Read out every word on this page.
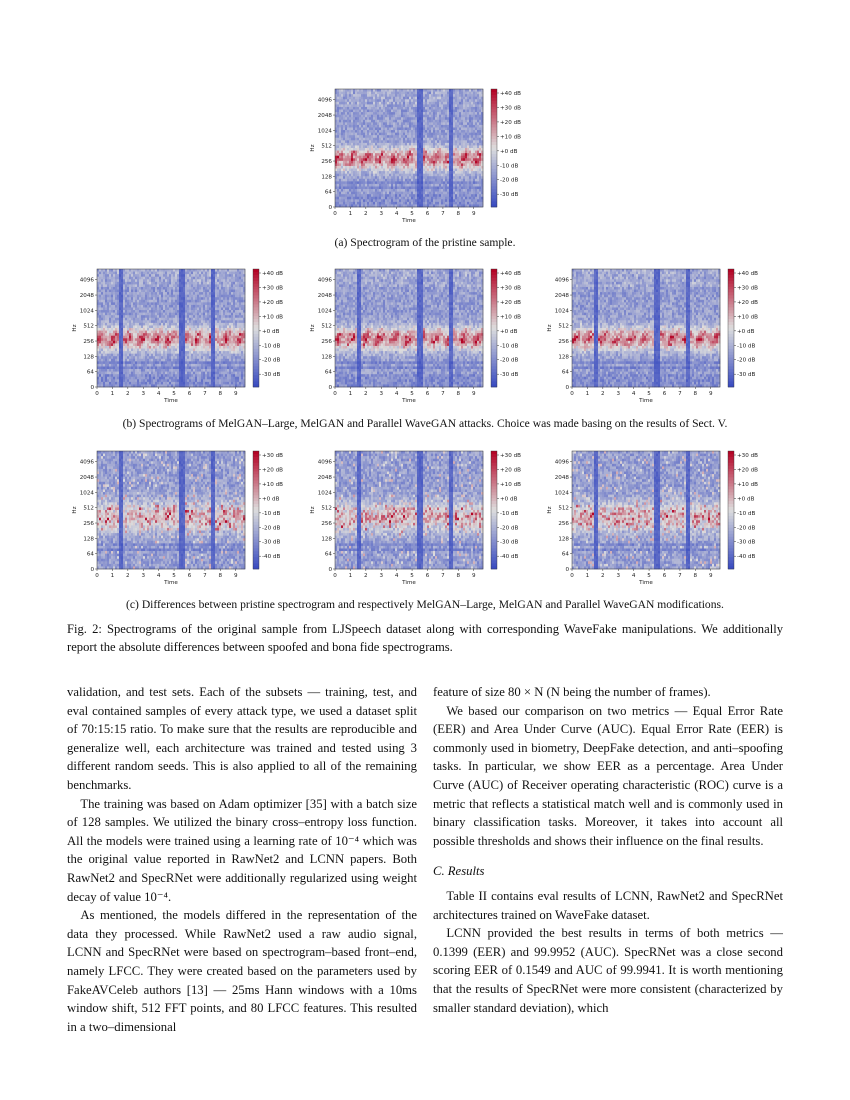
0
64
128
256
512
1024
2048
4096
0 1 2 3 4 5 6 7 8 9
Time
Hz
+40 dB
+30 dB
+20 dB
+10 dB
+0 dB
-10 dB
-20 dB
-30 dB
(a) Spectrogram of the pristine sample.
0
64
128
256
512
1024
2048
4096
0 1 2 3 4 5 6 7 8 9
Time
Hz
+40 dB
+30 dB
+20 dB
+10 dB
+0 dB
-10 dB
-20 dB
-30 dB
0
64
128
256
512
1024
2048
4096
0 1 2 3 4 5 6 7 8 9
Time
Hz
+40 dB
+30 dB
+20 dB
+10 dB
+0 dB
-10 dB
-20 dB
-30 dB
0
64
128
256
512
1024
2048
4096
0 1 2 3 4 5 6 7 8 9
Time
Hz
+40 dB
+30 dB
+20 dB
+10 dB
+0 dB
-10 dB
-20 dB
-30 dB
(b) Spectrograms of MelGAN–Large, MelGAN and Parallel WaveGAN attacks. Choice was made basing on the results of Sect. V.
0
64
128
256
512
1024
2048
4096
0 1 2 3 4 5 6 7 8 9
Time
Hz
+30 dB
+20 dB
+10 dB
+0 dB
-10 dB
-20 dB
-30 dB
-40 dB
0
64
128
256
512
1024
2048
4096
0 1 2 3 4 5 6 7 8 9
Time
Hz
+30 dB
+20 dB
+10 dB
+0 dB
-10 dB
-20 dB
-30 dB
-40 dB
0
64
128
256
512
1024
2048
4096
0 1 2 3 4 5 6 7 8 9
Time
Hz
+30 dB
+20 dB
+10 dB
+0 dB
-10 dB
-20 dB
-30 dB
-40 dB
(c) Differences between pristine spectrogram and respectively MelGAN–Large, MelGAN and Parallel WaveGAN modifications.
Fig. 2: Spectrograms of the original sample from LJSpeech dataset along with corresponding WaveFake manipulations. We additionally report the absolute differences between spoofed and bona fide spectrograms.

validation, and test sets. Each of the subsets — training, test, and eval contained samples of every attack type, we used a dataset split of 70:15:15 ratio. To make sure that the results are reproducible and generalize well, each architecture was trained and tested using 3 different random seeds. This is also applied to all of the remaining benchmarks.

The training was based on Adam optimizer [35] with a batch size of 128 samples. We utilized the binary cross–entropy loss function. All the models were trained using a learning rate of 10⁻⁴ which was the original value reported in RawNet2 and LCNN papers. Both RawNet2 and SpecRNet were additionally regularized using weight decay of value 10⁻⁴.

As mentioned, the models differed in the representation of the data they processed. While RawNet2 used a raw audio signal, LCNN and SpecRNet were based on spectrogram–based front–end, namely LFCC. They were created based on the parameters used by FakeAVCeleb authors [13] — 25ms Hann windows with a 10ms window shift, 512 FFT points, and 80 LFCC features. This resulted in a two–dimensional

feature of size 80 × N (N being the number of frames).

We based our comparison on two metrics — Equal Error Rate (EER) and Area Under Curve (AUC). Equal Error Rate (EER) is commonly used in biometry, DeepFake detection, and anti–spoofing tasks. In particular, we show EER as a percentage. Area Under Curve (AUC) of Receiver operating characteristic (ROC) curve is a metric that reflects a statistical match well and is commonly used in binary classification tasks. Moreover, it takes into account all possible thresholds and shows their influence on the final results.

C. Results

Table II contains eval results of LCNN, RawNet2 and SpecRNet architectures trained on WaveFake dataset.

LCNN provided the best results in terms of both metrics — 0.1399 (EER) and 99.9952 (AUC). SpecRNet was a close second scoring EER of 0.1549 and AUC of 99.9941. It is worth mentioning that the results of SpecRNet were more consistent (characterized by smaller standard deviation), which
